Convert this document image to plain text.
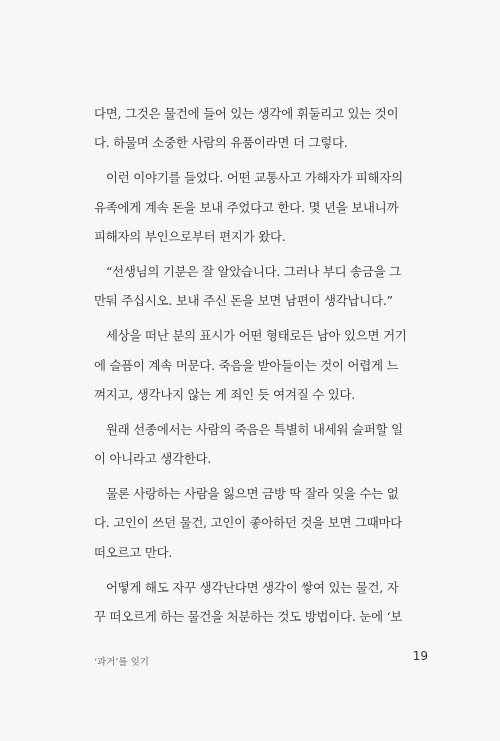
다면, 그것은 물건에 들어 있는 생각에 휘둘리고 있는 것이
다. 하물며 소중한 사람의 유품이라면 더 그렇다.
이런 이야기를 들었다. 어떤 교통사고 가해자가 피해자의
유족에게 계속 돈을 보내 주었다고 한다. 몇 년을 보내니까
피해자의 부인으로부터 편지가 왔다.
“선생님의 기분은 잘 알았습니다. 그러나 부디 송금을 그
만둬 주십시오. 보내 주신 돈을 보면 남편이 생각납니다.”
세상을 떠난 분의 표시가 어떤 형태로든 남아 있으면 거기
에 슬픔이 계속 머문다. 죽음을 받아들이는 것이 어렵게 느
껴지고, 생각나지 않는 게 죄인 듯 여겨질 수 있다.
원래 선종에서는 사람의 죽음은 특별히 내세워 슬퍼할 일
이 아니라고 생각한다.
물론 사랑하는 사람을 잃으면 금방 딱 잘라 잊을 수는 없
다. 고인이 쓰던 물건, 고인이 좋아하던 것을 보면 그때마다
떠오르고 만다.
어떻게 해도 자꾸 생각난다면 생각이 쌓여 있는 물건, 자
꾸 떠오르게 하는 물건을 처분하는 것도 방법이다. 눈에 ‘보
‘과거’를 잊기	19
